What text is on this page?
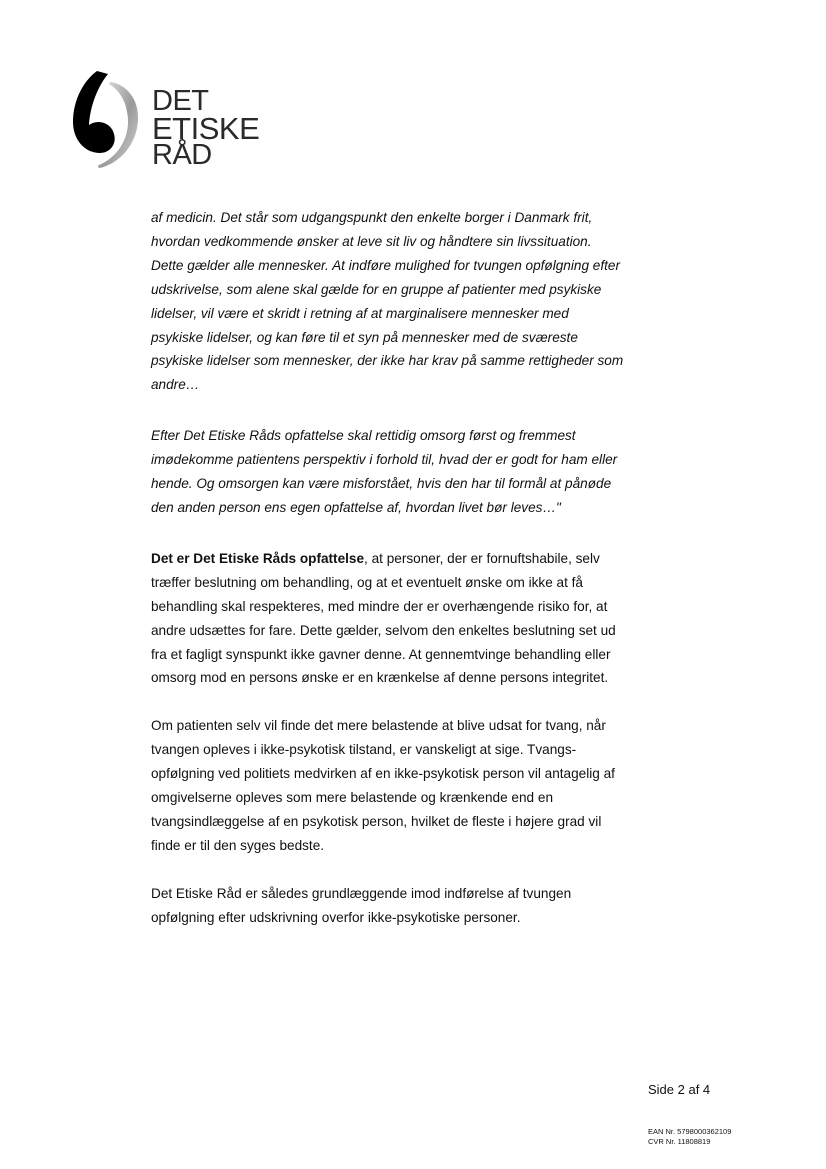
DET
ETISKE
RÅD

af medicin. Det står som udgangspunkt den enkelte borger i Danmark frit,
hvordan vedkommende ønsker at leve sit liv og håndtere sin livssituation.
Dette gælder alle mennesker. At indføre mulighed for tvungen opfølgning efter
udskrivelse, som alene skal gælde for en gruppe af patienter med psykiske
lidelser, vil være et skridt i retning af at marginalisere mennesker med
psykiske lidelser, og kan føre til et syn på mennesker med de sværeste
psykiske lidelser som mennesker, der ikke har krav på samme rettigheder som
andre…

Efter Det Etiske Råds opfattelse skal rettidig omsorg først og fremmest
imødekomme patientens perspektiv i forhold til, hvad der er godt for ham eller
hende. Og omsorgen kan være misforstået, hvis den har til formål at pånøde
den anden person ens egen opfattelse af, hvordan livet bør leves…"

Det er Det Etiske Råds opfattelse, at personer, der er fornuftshabile, selv
træffer beslutning om behandling, og at et eventuelt ønske om ikke at få
behandling skal respekteres, med mindre der er overhængende risiko for, at
andre udsættes for fare. Dette gælder, selvom den enkeltes beslutning set ud
fra et fagligt synspunkt ikke gavner denne. At gennemtvinge behandling eller
omsorg mod en persons ønske er en krænkelse af denne persons integritet.

Om patienten selv vil finde det mere belastende at blive udsat for tvang, når
tvangen opleves i ikke-psykotisk tilstand, er vanskeligt at sige. Tvangs-
opfølgning ved politiets medvirken af en ikke-psykotisk person vil antagelig af
omgivelserne opleves som mere belastende og krænkende end en
tvangsindlæggelse af en psykotisk person, hvilket de fleste i højere grad vil
finde er til den syges bedste.

Det Etiske Råd er således grundlæggende imod indførelse af tvungen
opfølgning efter udskrivning overfor ikke-psykotiske personer.

Side 2 af 4
EAN Nr. 5798000362109
CVR Nr. 11808819
